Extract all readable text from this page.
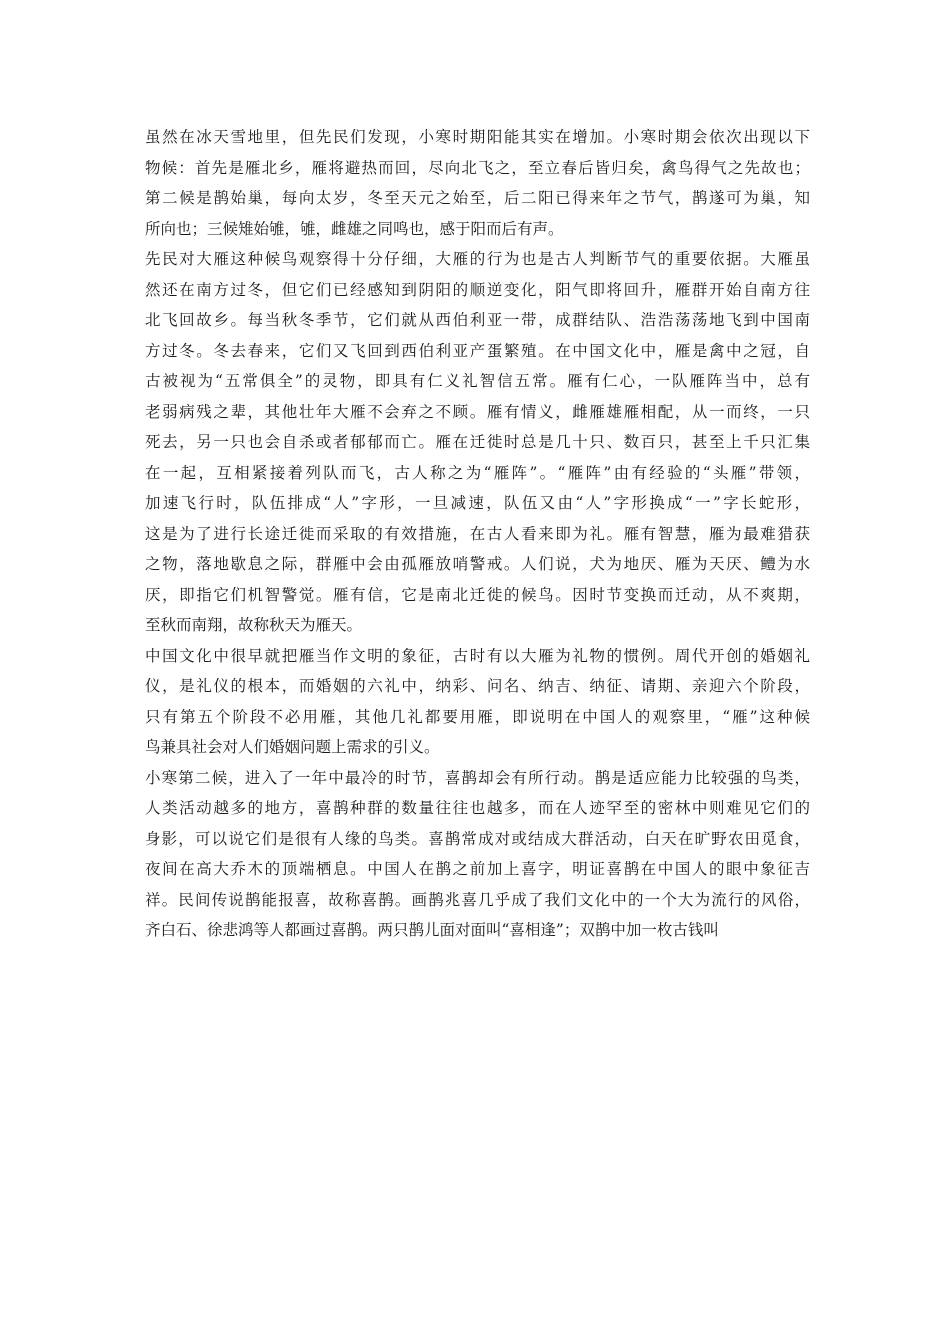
虽然在冰天雪地里，但先民们发现，小寒时期阳能其实在增加。小寒时期会依次出现以下
物候：首先是雁北乡，雁将避热而回，尽向北飞之，至立春后皆归矣，禽鸟得气之先故也；
第二候是鹊始巢，每向太岁，冬至天元之始至，后二阳已得来年之节气，鹊遂可为巢，知
所向也；三候雉始雊，雊，雌雄之同鸣也，感于阳而后有声。
先民对大雁这种候鸟观察得十分仔细，大雁的行为也是古人判断节气的重要依据。大雁虽
然还在南方过冬，但它们已经感知到阴阳的顺逆变化，阳气即将回升，雁群开始自南方往
北飞回故乡。每当秋冬季节，它们就从西伯利亚一带，成群结队、浩浩荡荡地飞到中国南
方过冬。冬去春来，它们又飞回到西伯利亚产蛋繁殖。在中国文化中，雁是禽中之冠，自
古被视为“五常俱全”的灵物，即具有仁义礼智信五常。雁有仁心，一队雁阵当中，总有
老弱病残之辈，其他壮年大雁不会弃之不顾。雁有情义，雌雁雄雁相配，从一而终，一只
死去，另一只也会自杀或者郁郁而亡。雁在迁徙时总是几十只、数百只，甚至上千只汇集
在一起，互相紧接着列队而飞，古人称之为“雁阵”。“雁阵”由有经验的“头雁”带领，
加速飞行时，队伍排成“人”字形，一旦减速，队伍又由“人”字形换成“一”字长蛇形，
这是为了进行长途迁徙而采取的有效措施，在古人看来即为礼。雁有智慧，雁为最难猎获
之物，落地歇息之际，群雁中会由孤雁放哨警戒。人们说，犬为地厌、雁为天厌、鳢为水
厌，即指它们机智警觉。雁有信，它是南北迁徙的候鸟。因时节变换而迁动，从不爽期，
至秋而南翔，故称秋天为雁天。
中国文化中很早就把雁当作文明的象征，古时有以大雁为礼物的惯例。周代开创的婚姻礼
仪，是礼仪的根本，而婚姻的六礼中，纳彩、问名、纳吉、纳征、请期、亲迎六个阶段，
只有第五个阶段不必用雁，其他几礼都要用雁，即说明在中国人的观察里，“雁”这种候
鸟兼具社会对人们婚姻问题上需求的引义。
小寒第二候，进入了一年中最冷的时节，喜鹊却会有所行动。鹊是适应能力比较强的鸟类，
人类活动越多的地方，喜鹊种群的数量往往也越多，而在人迹罕至的密林中则难见它们的
身影，可以说它们是很有人缘的鸟类。喜鹊常成对或结成大群活动，白天在旷野农田觅食，
夜间在高大乔木的顶端栖息。中国人在鹊之前加上喜字，明证喜鹊在中国人的眼中象征吉
祥。民间传说鹊能报喜，故称喜鹊。画鹊兆喜几乎成了我们文化中的一个大为流行的风俗，
齐白石、徐悲鸿等人都画过喜鹊。两只鹊儿面对面叫“喜相逢”；双鹊中加一枚古钱叫
